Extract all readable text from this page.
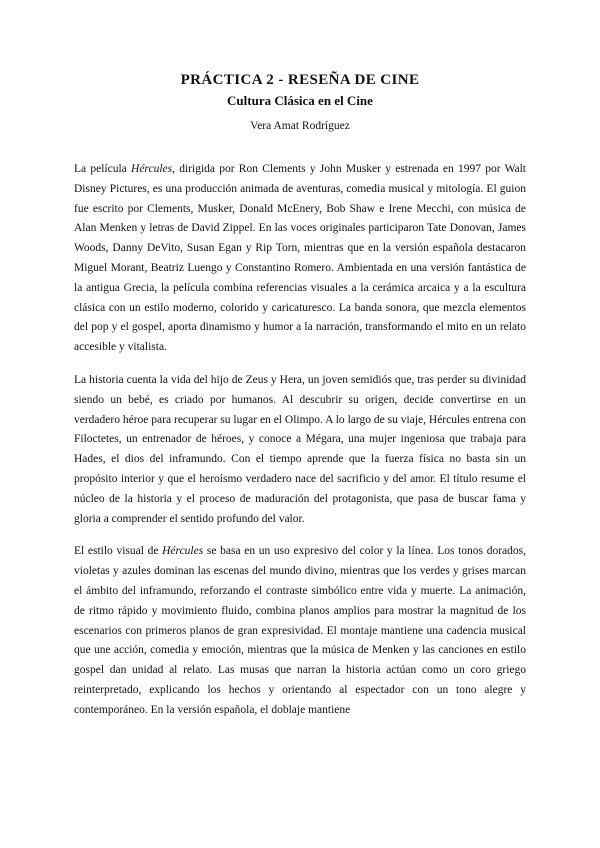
PRÁCTICA 2 - RESEÑA DE CINE
Cultura Clásica en el Cine
Vera Amat Rodríguez

La película Hércules, dirigida por Ron Clements y John Musker y estrenada en 1997 por Walt Disney Pictures, es una producción animada de aventuras, comedia musical y mitología. El guion fue escrito por Clements, Musker, Donald McEnery, Bob Shaw e Irene Mecchi, con música de Alan Menken y letras de David Zippel. En las voces originales participaron Tate Donovan, James Woods, Danny DeVito, Susan Egan y Rip Torn, mientras que en la versión española destacaron Miguel Morant, Beatriz Luengo y Constantino Romero. Ambientada en una versión fantástica de la antigua Grecia, la película combina referencias visuales a la cerámica arcaica y a la escultura clásica con un estilo moderno, colorido y caricaturesco. La banda sonora, que mezcla elementos del pop y el gospel, aporta dinamismo y humor a la narración, transformando el mito en un relato accesible y vitalista.

La historia cuenta la vida del hijo de Zeus y Hera, un joven semidiós que, tras perder su divinidad siendo un bebé, es criado por humanos. Al descubrir su origen, decide convertirse en un verdadero héroe para recuperar su lugar en el Olimpo. A lo largo de su viaje, Hércules entrena con Filoctetes, un entrenador de héroes, y conoce a Mégara, una mujer ingeniosa que trabaja para Hades, el dios del inframundo. Con el tiempo aprende que la fuerza física no basta sin un propósito interior y que el heroísmo verdadero nace del sacrificio y del amor. El título resume el núcleo de la historia y el proceso de maduración del protagonista, que pasa de buscar fama y gloria a comprender el sentido profundo del valor.

El estilo visual de Hércules se basa en un uso expresivo del color y la línea. Los tonos dorados, violetas y azules dominan las escenas del mundo divino, mientras que los verdes y grises marcan el ámbito del inframundo, reforzando el contraste simbólico entre vida y muerte. La animación, de ritmo rápido y movimiento fluido, combina planos amplios para mostrar la magnitud de los escenarios con primeros planos de gran expresividad. El montaje mantiene una cadencia musical que une acción, comedia y emoción, mientras que la música de Menken y las canciones en estilo gospel dan unidad al relato. Las musas que narran la historia actúan como un coro griego reinterpretado, explicando los hechos y orientando al espectador con un tono alegre y contemporáneo. En la versión española, el doblaje mantiene
